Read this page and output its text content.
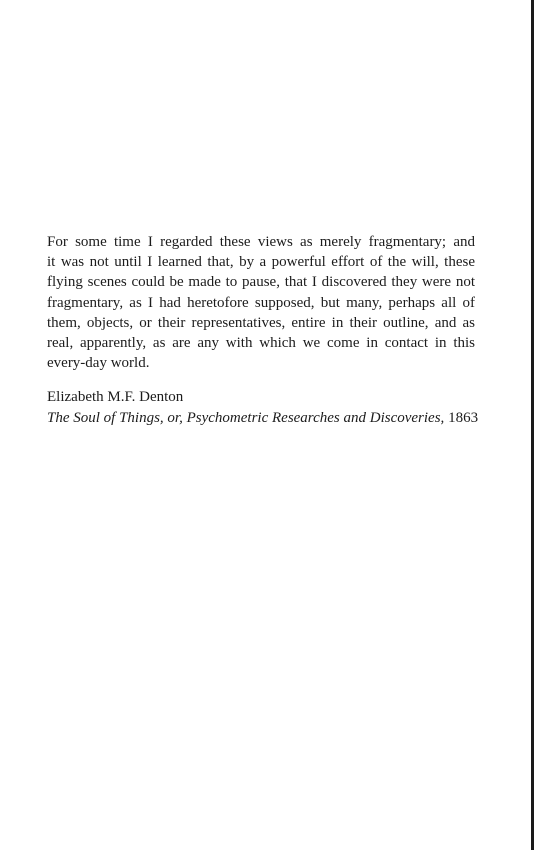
For some time I regarded these views as merely fragmentary; and
it was not until I learned that, by a powerful effort of the will, these
flying scenes could be made to pause, that I discovered they were not
fragmentary, as I had heretofore supposed, but many, perhaps all of
them, objects, or their representatives, entire in their outline, and as
real, apparently, as are any with which we come in contact in this
every-day world.

Elizabeth M.F. Denton
The Soul of Things, or, Psychometric Researches and Discoveries, 1863
